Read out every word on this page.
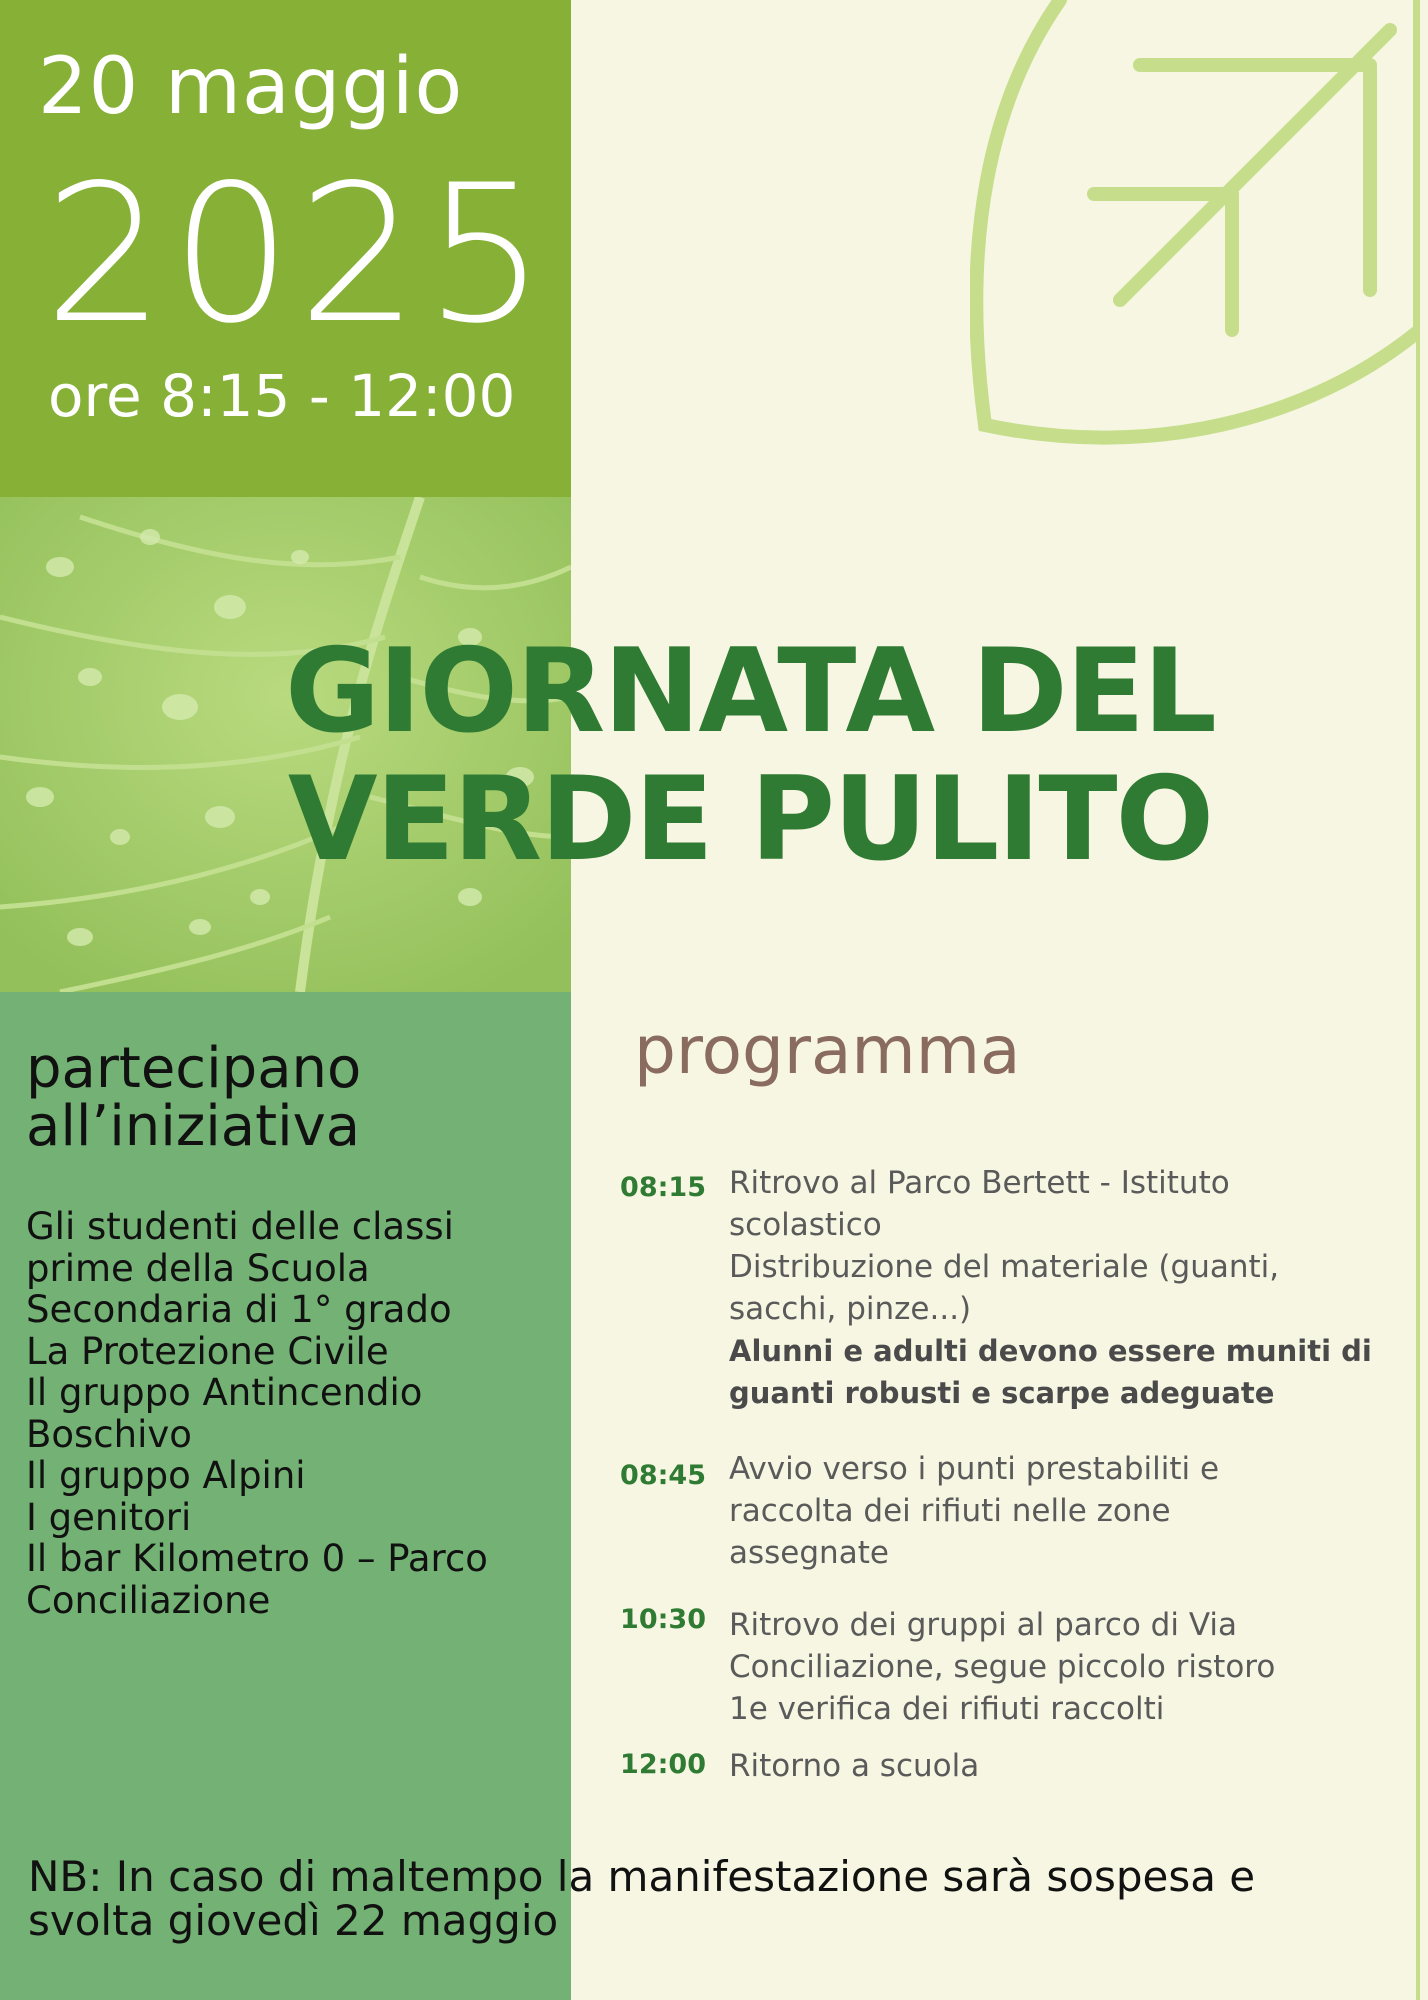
20 maggio
2025
ore 8:15 - 12:00
GIORNATA DEL
VERDE PULITO
partecipano
all’iniziativa
Gli studenti delle classi
prime della Scuola
Secondaria di 1° grado
La Protezione Civile
Il gruppo Antincendio
Boschivo
Il gruppo Alpini
I genitori
Il bar Kilometro 0 – Parco
Conciliazione
programma
08:15 Ritrovo al Parco Bertett - Istituto
scolastico
Distribuzione del materiale (guanti,
sacchi, pinze...)
Alunni e adulti devono essere muniti di
guanti robusti e scarpe adeguate
08:45 Avvio verso i punti prestabiliti e
raccolta dei rifiuti nelle zone
assegnate
10:30 Ritrovo dei gruppi al parco di Via
Conciliazione, segue piccolo ristoro
1e verifica dei rifiuti raccolti
12:00 Ritorno a scuola
NB: In caso di maltempo la manifestazione sarà sospesa e
svolta giovedì 22 maggio
